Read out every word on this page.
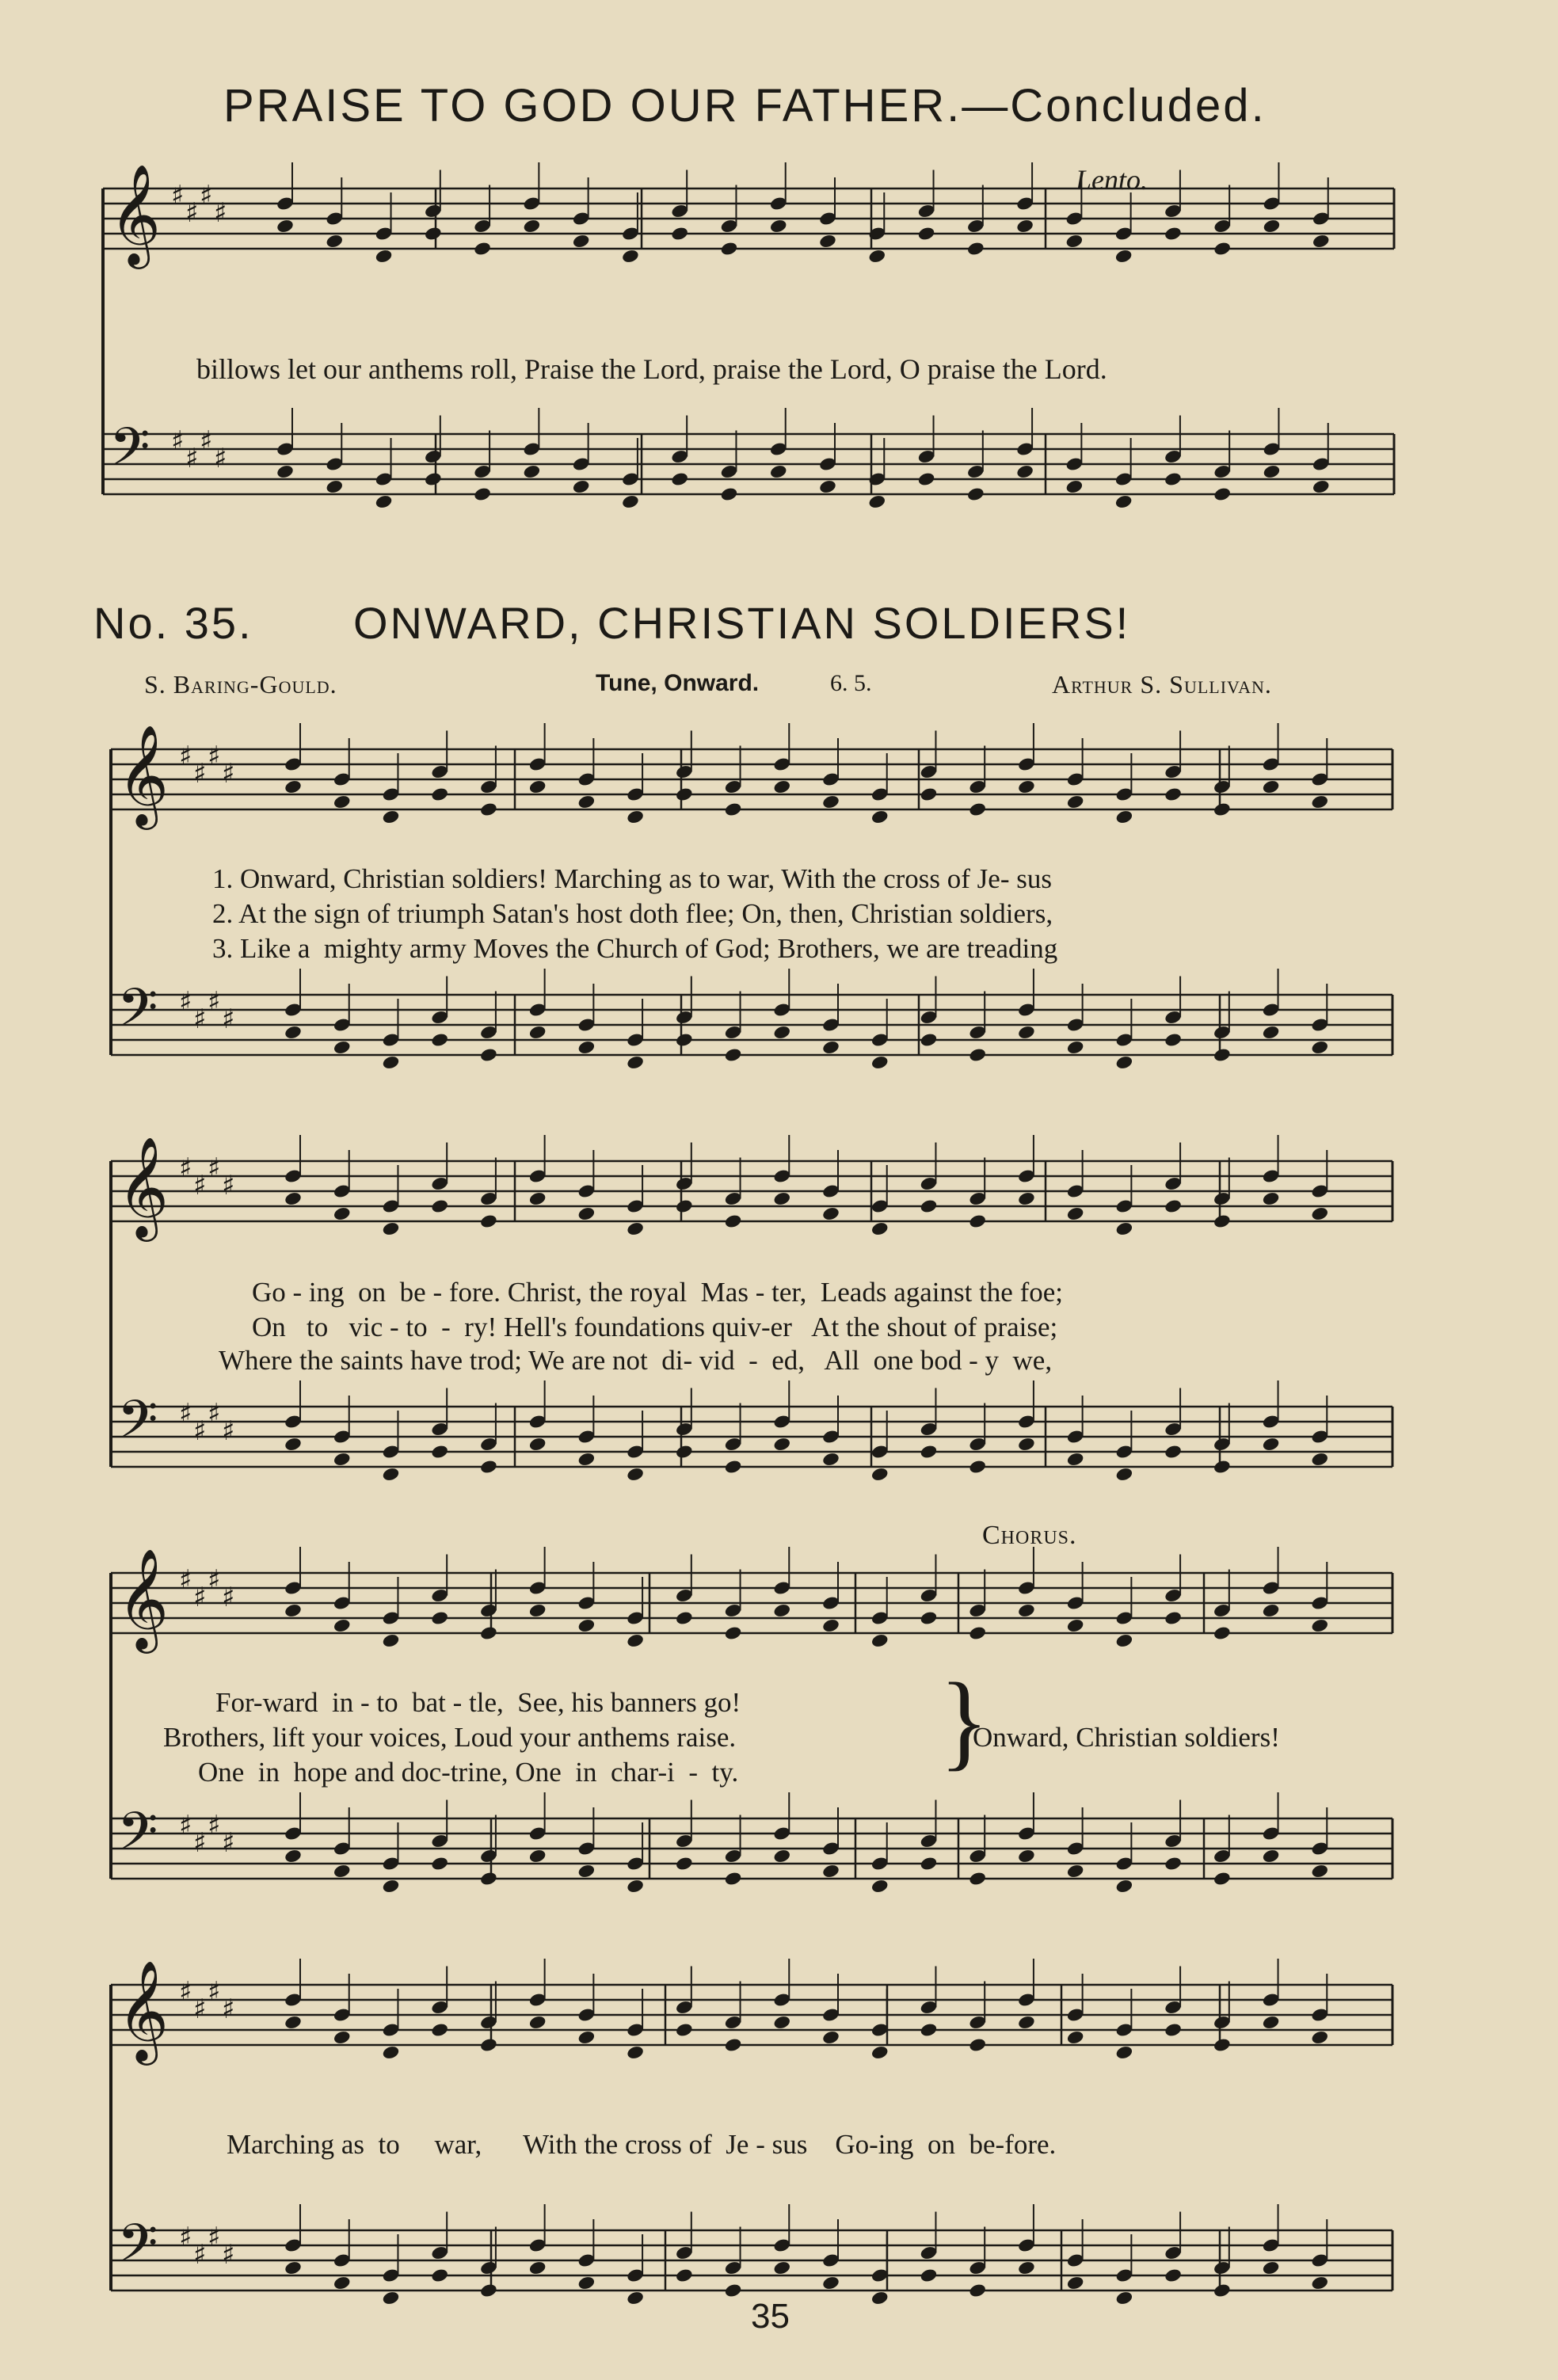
PRAISE TO GOD OUR FATHER.—Concluded.
Lento.
𝄞 ♯
♯
♯
♯
𝄢 ♯
♯
♯
♯
billows let our anthems roll, Praise the Lord, praise the Lord, O praise the Lord.
No. 35. ONWARD, CHRISTIAN SOLDIERS!
S. Baring-Gould.	Tune, Onward.	6. 5.	Arthur S. Sullivan.
𝄞 ♯
♯
♯
♯
𝄢 ♯
♯
♯
♯
1. Onward, Christian soldiers! Marching as to war, With the cross of Je- sus
2. At the sign of triumph Satan's host doth flee; On, then, Christian soldiers,
3. Like a  mighty army Moves the Church of God; Brothers, we are treading
𝄞 ♯
♯
♯
♯
𝄢 ♯
♯
♯
♯
Go - ing  on  be - fore. Christ, the royal  Mas - ter,  Leads against the foe;
On   to   vic - to  -  ry! Hell's foundations quiv-er   At the shout of praise;
Where the saints have trod; We are not  di- vid  -  ed,   All  one bod - y  we,
Chorus.
𝄞 ♯
♯
♯
♯
𝄢 ♯
♯
♯
♯
For-ward  in - to  bat - tle,  See, his banners go!
Brothers, lift your voices, Loud your anthems raise.
One  in  hope and doc-trine, One  in  char-i  -  ty. }
Onward, Christian soldiers!
𝄞 ♯
♯
♯
♯
𝄢 ♯
♯
♯
♯
Marching as  to     war,      With the cross of  Je - sus    Go-ing  on  be-fore.
35
